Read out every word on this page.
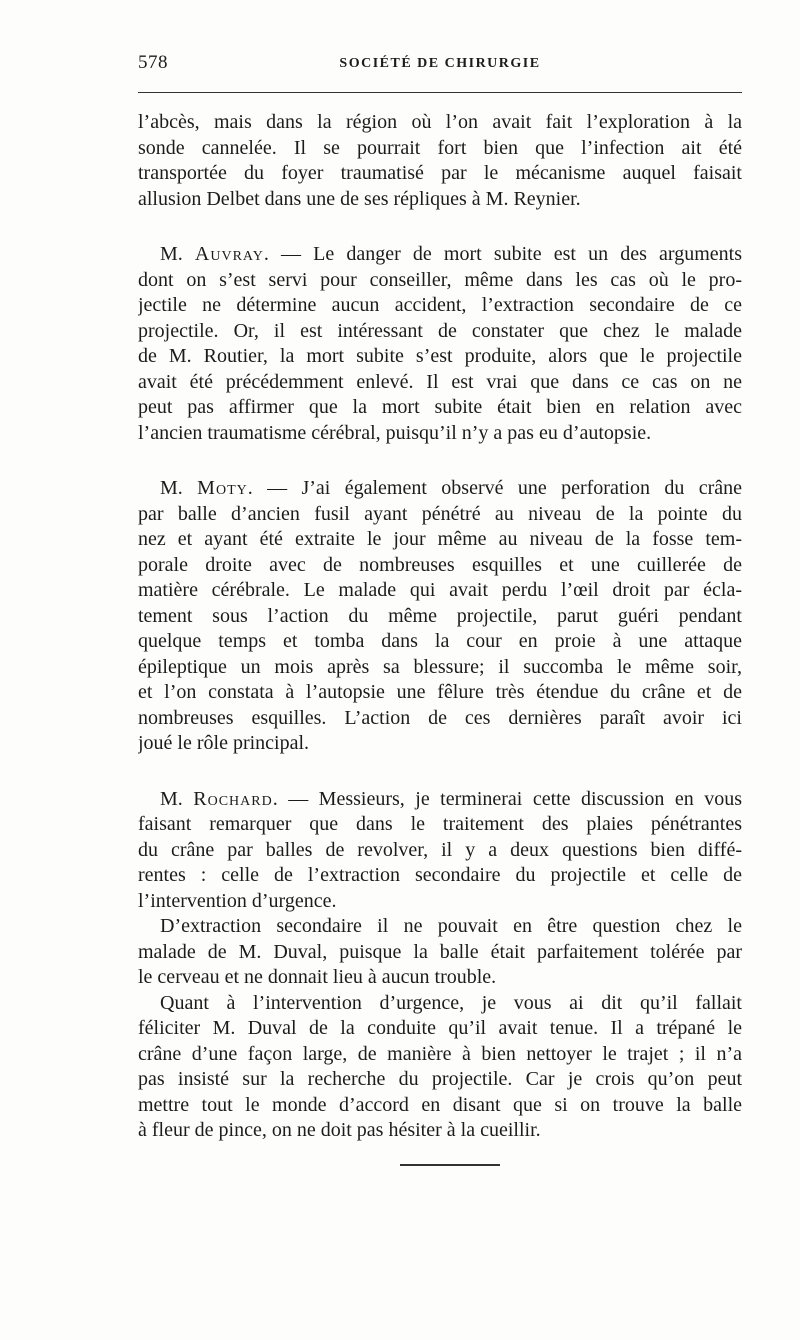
578	SOCIÉTÉ DE CHIRURGIE
l’abcès, mais dans la région où l’on avait fait l’exploration à la
sonde cannelée. Il se pourrait fort bien que l’infection ait été
transportée du foyer traumatisé par le mécanisme auquel faisait
allusion Delbet dans une de ses répliques à M. Reynier.
M. Auvray. — Le danger de mort subite est un des arguments
dont on s’est servi pour conseiller, même dans les cas où le pro-
jectile ne détermine aucun accident, l’extraction secondaire de ce
projectile. Or, il est intéressant de constater que chez le malade
de M. Routier, la mort subite s’est produite, alors que le projectile
avait été précédemment enlevé. Il est vrai que dans ce cas on ne
peut pas affirmer que la mort subite était bien en relation avec
l’ancien traumatisme cérébral, puisqu’il n’y a pas eu d’autopsie.
M. Moty. — J’ai également observé une perforation du crâne
par balle d’ancien fusil ayant pénétré au niveau de la pointe du
nez et ayant été extraite le jour même au niveau de la fosse tem-
porale droite avec de nombreuses esquilles et une cuillerée de
matière cérébrale. Le malade qui avait perdu l’œil droit par écla-
tement sous l’action du même projectile, parut guéri pendant
quelque temps et tomba dans la cour en proie à une attaque
épileptique un mois après sa blessure; il succomba le même soir,
et l’on constata à l’autopsie une fêlure très étendue du crâne et de
nombreuses esquilles. L’action de ces dernières paraît avoir ici
joué le rôle principal.
M. Rochard. — Messieurs, je terminerai cette discussion en vous
faisant remarquer que dans le traitement des plaies pénétrantes
du crâne par balles de revolver, il y a deux questions bien diffé-
rentes : celle de l’extraction secondaire du projectile et celle de
l’intervention d’urgence.
D’extraction secondaire il ne pouvait en être question chez le
malade de M. Duval, puisque la balle était parfaitement tolérée par
le cerveau et ne donnait lieu à aucun trouble.
Quant à l’intervention d’urgence, je vous ai dit qu’il fallait
féliciter M. Duval de la conduite qu’il avait tenue. Il a trépané le
crâne d’une façon large, de manière à bien nettoyer le trajet ; il n’a
pas insisté sur la recherche du projectile. Car je crois qu’on peut
mettre tout le monde d’accord en disant que si on trouve la balle
à fleur de pince, on ne doit pas hésiter à la cueillir.
